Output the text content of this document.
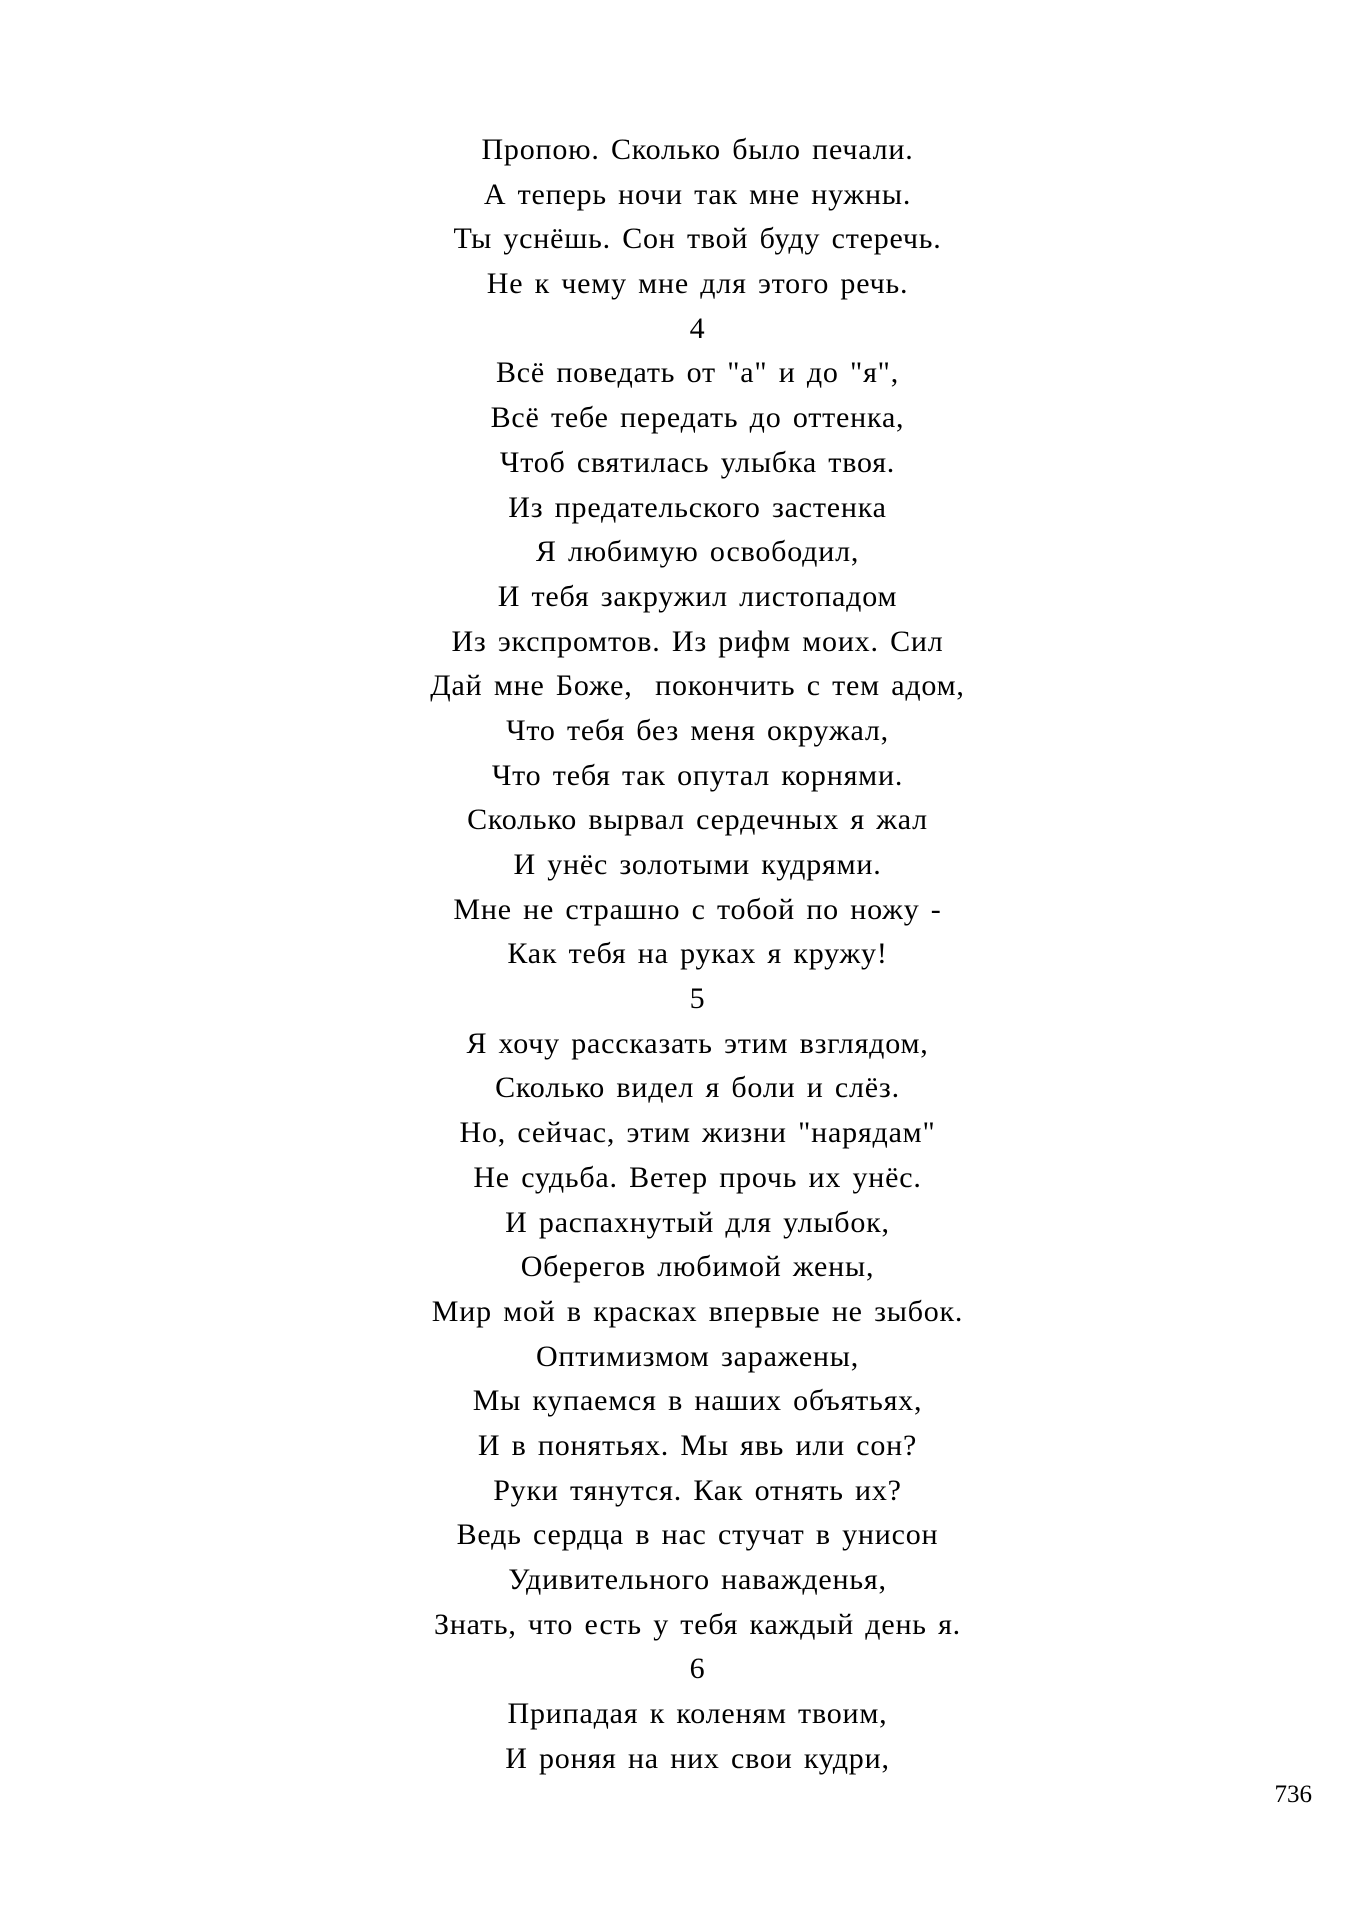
Пропою. Сколько было печали.
А теперь ночи так мне нужны.
Ты уснёшь. Сон твой буду стеречь.
Не к чему мне для этого речь.
4
Всё поведать от "а" и до "я",
Всё тебе передать до оттенка,
Чтоб святилась улыбка твоя.
Из предательского застенка
Я любимую освободил,
И тебя закружил листопадом
Из экспромтов. Из рифм моих. Сил
Дай мне Боже,  покончить с тем адом,
Что тебя без меня окружал,
Что тебя так опутал корнями.
Сколько вырвал сердечных я жал
И унёс золотыми кудрями.
Мне не страшно с тобой по ножу -
Как тебя на руках я кружу!
5
Я хочу рассказать этим взглядом,
Сколько видел я боли и слёз.
Но, сейчас, этим жизни "нарядам"
Не судьба. Ветер прочь их унёс.
И распахнутый для улыбок,
Оберегов любимой жены,
Мир мой в красках впервые не зыбок.
Оптимизмом заражены,
Мы купаемся в наших объятьях,
И в понятьях. Мы явь или сон?
Руки тянутся. Как отнять их?
Ведь сердца в нас стучат в унисон
Удивительного наважденья,
Знать, что есть у тебя каждый день я.
6
Припадая к коленям твоим,
И роняя на них свои кудри,
736
